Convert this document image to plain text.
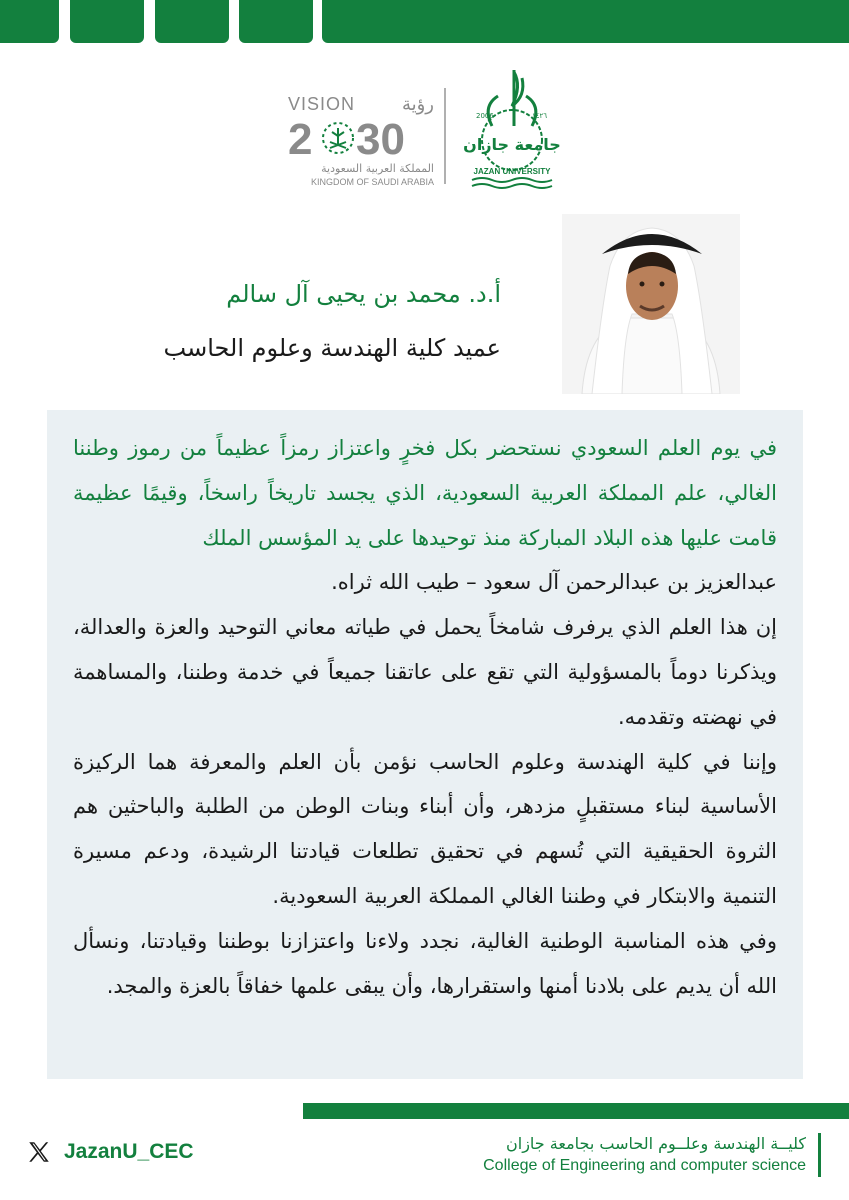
VISION	رؤية
2 30
المملكة العربية السعودية
KINGDOM OF SAUDI ARABIA
2006	١٤٢٦
جامعة جازان
JAZAN UNIVERSITY
أ.د. محمد بن يحيى آل سالم
عميد كلية الهندسة وعلوم الحاسب

في يوم العلم السعودي نستحضر بكل فخرٍ واعتزاز رمزاً عظيماً من رموز وطننا الغالي، علم المملكة العربية السعودية، الذي يجسد تاريخاً راسخاً، وقيمًا عظيمة قامت عليها هذه البلاد المباركة منذ توحيدها على يد المؤسس الملك

عبدالعزيز بن عبدالرحمن آل سعود – طيب الله ثراه.

إن هذا العلم الذي يرفرف شامخاً يحمل في طياته معاني التوحيد والعزة والعدالة، ويذكرنا دوماً بالمسؤولية التي تقع على عاتقنا جميعاً في خدمة وطننا، والمساهمة في نهضته وتقدمه.

وإننا في كلية الهندسة وعلوم الحاسب نؤمن بأن العلم والمعرفة هما الركيزة الأساسية لبناء مستقبلٍ مزدهر، وأن أبناء وبنات الوطن من الطلبة والباحثين هم الثروة الحقيقية التي تُسهم في تحقيق تطلعات قيادتنا الرشيدة، ودعم مسيرة التنمية والابتكار في وطننا الغالي المملكة العربية السعودية.

وفي هذه المناسبة الوطنية الغالية، نجدد ولاءنا واعتزازنا بوطننا وقيادتنا، ونسأل الله أن يديم على بلادنا أمنها واستقرارها، وأن يبقى علمها خفاقاً بالعزة والمجد.

JazanU_CEC	كليــة الهندسة وعلــوم الحاسب بجامعة جازان
College of Engineering and computer science
